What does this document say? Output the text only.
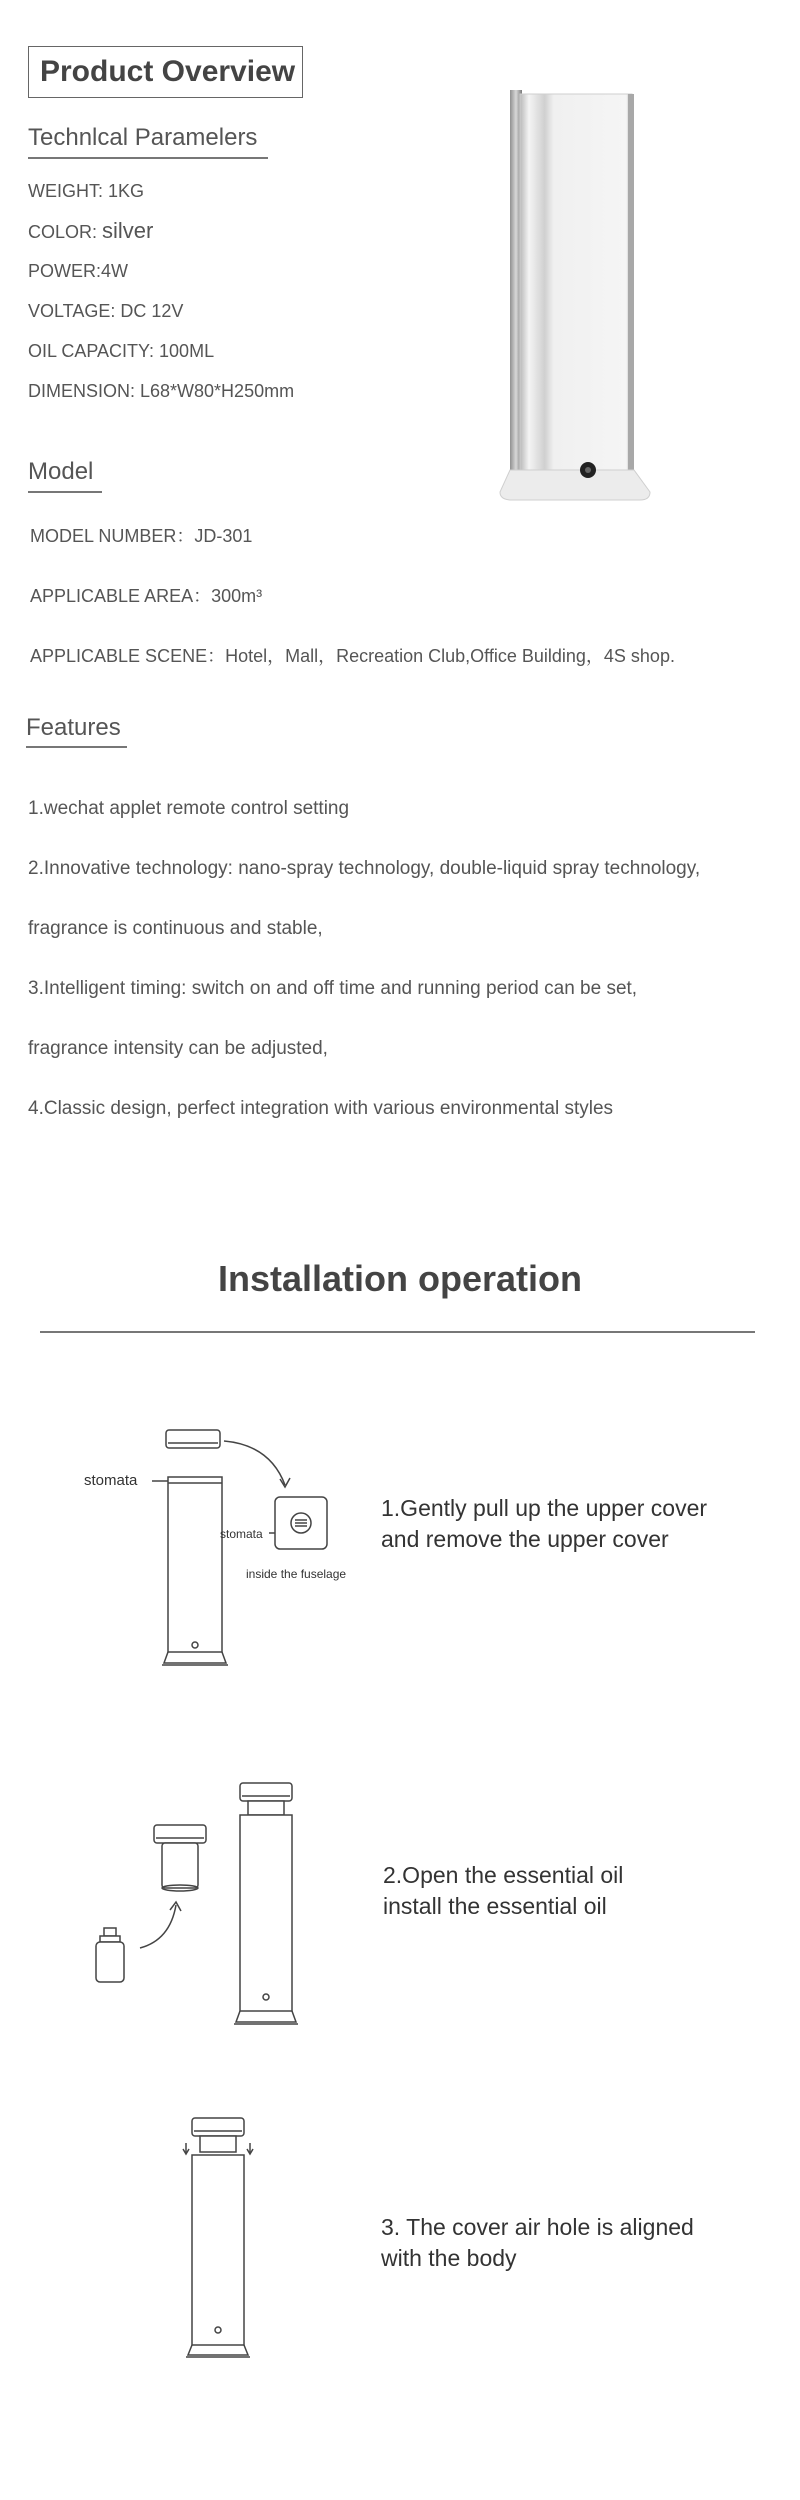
Product Overview
Technlcal Paramelers
WEIGHT: 1KG
COLOR: silver
POWER:4W
VOLTAGE: DC 12V
OIL CAPACITY: 100ML
DIMENSION: L68*W80*H250mm
Model
MODEL NUMBER：JD-301
APPLICABLE AREA：300m³
APPLICABLE SCENE：Hotel，Mall，Recreation Club,Office Building，4S shop.
Features
1.wechat applet remote control setting
2.Innovative technology: nano-spray technology, double-liquid spray technology,
fragrance is continuous and stable,
3.Intelligent timing: switch on and off time and running period can be set,
fragrance intensity can be adjusted,
4.Classic design, perfect integration with various environmental styles
Installation operation
stomata
stomata
inside the fuselage
1.Gently pull up the upper cover
and remove the upper cover
2.Open the essential oil
install the essential oil
3. The cover air hole is aligned
with the body
